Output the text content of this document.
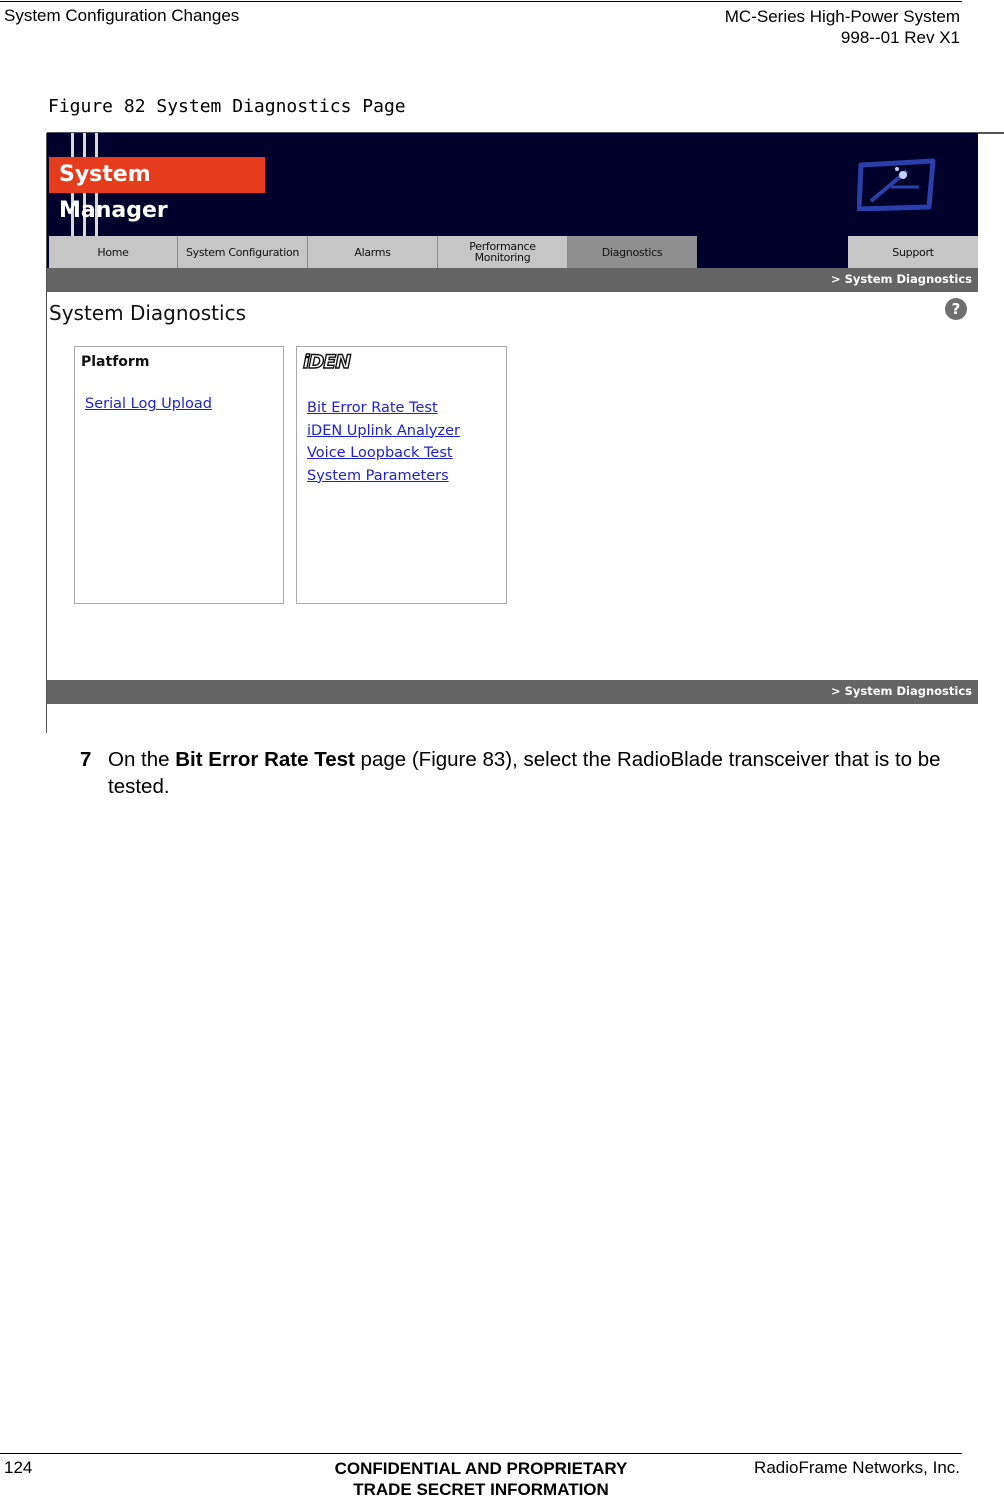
System Configuration Changes	MC-Series High-Power System
998--01 Rev X1
Figure 82 System Diagnostics Page
System Manager
Home	System Configuration	Alarms	Performance Monitoring	Diagnostics	Support
> System Diagnostics
System Diagnostics	?
Platform
Serial Log Upload
iDEN
Bit Error Rate Test
iDEN Uplink Analyzer
Voice Loopback Test
System Parameters
> System Diagnostics
7 On the Bit Error Rate Test page (Figure 83), select the RadioBlade transceiver that is to be tested.
124	CONFIDENTIAL AND PROPRIETARY
TRADE SECRET INFORMATION
RadioFrame Networks, Inc.
